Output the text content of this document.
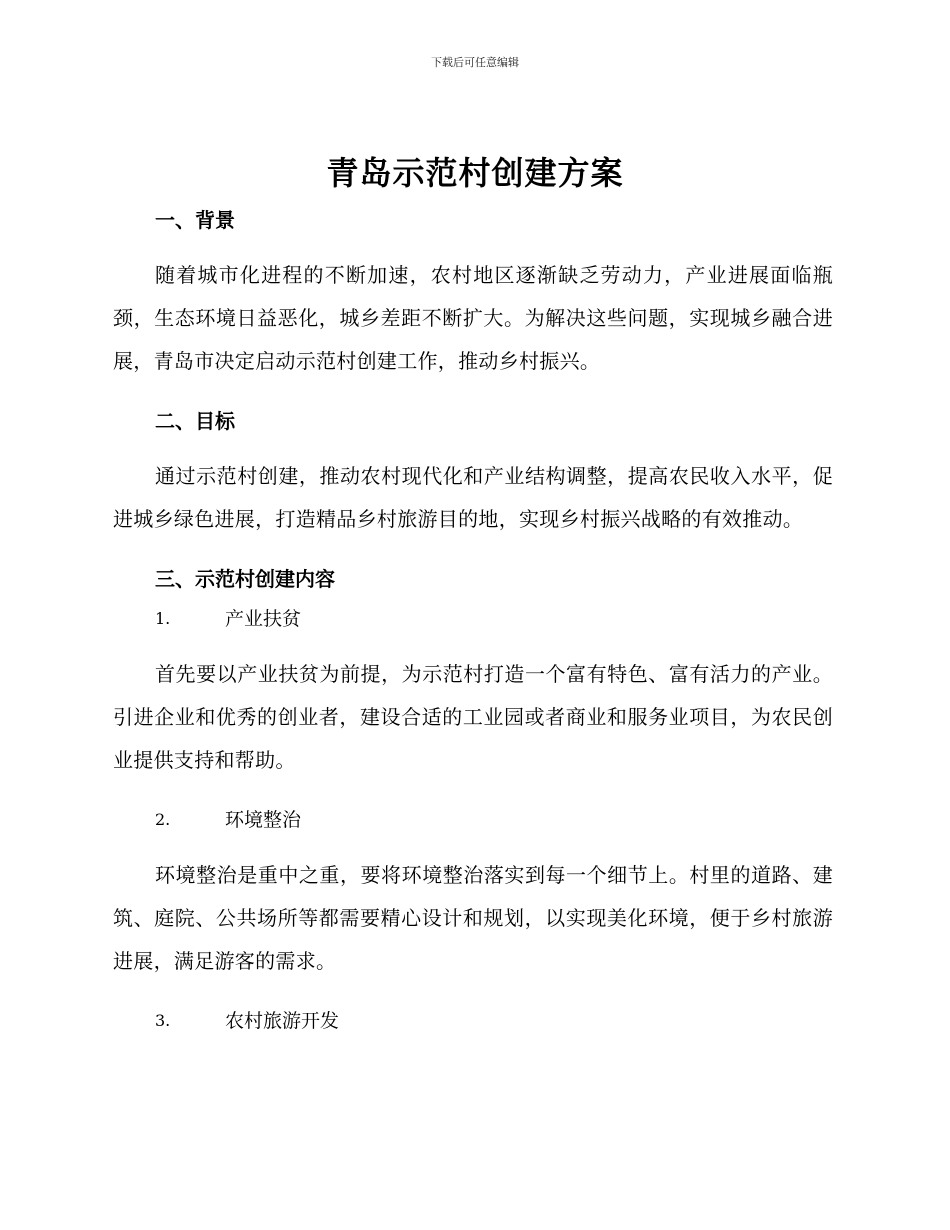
下载后可任意编辑
青岛示范村创建方案
一、背景

随着城市化进程的不断加速，农村地区逐渐缺乏劳动力，产业进展面临瓶颈，生态环境日益恶化，城乡差距不断扩大。为解决这些问题，实现城乡融合进展，青岛市决定启动示范村创建工作，推动乡村振兴。

二、目标

通过示范村创建，推动农村现代化和产业结构调整，提高农民收入水平，促进城乡绿色进展，打造精品乡村旅游目的地，实现乡村振兴战略的有效推动。

三、示范村创建内容
1.	产业扶贫

首先要以产业扶贫为前提，为示范村打造一个富有特色、富有活力的产业。引进企业和优秀的创业者，建设合适的工业园或者商业和服务业项目，为农民创业提供支持和帮助。

2.	环境整治

环境整治是重中之重，要将环境整治落实到每一个细节上。村里的道路、建筑、庭院、公共场所等都需要精心设计和规划，以实现美化环境，便于乡村旅游进展，满足游客的需求。

3.	农村旅游开发
